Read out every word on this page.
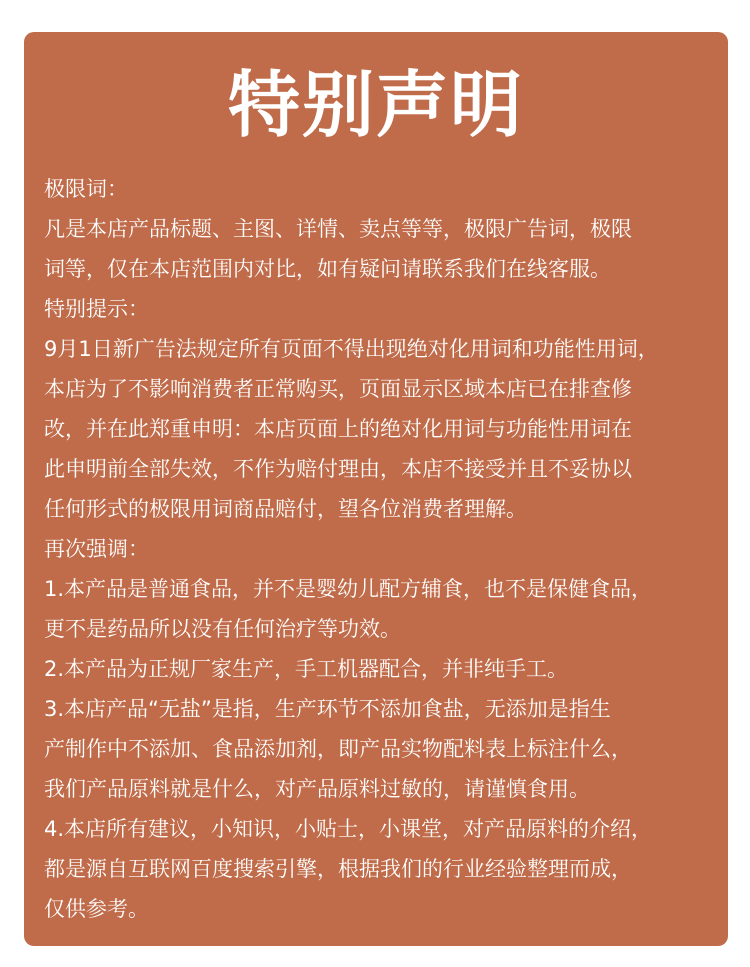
特别声明
极限词：
凡是本店产品标题、主图、详情、卖点等等，极限广告词，极限
词等，仅在本店范围内对比，如有疑问请联系我们在线客服。
特别提示：
9月1日新广告法规定所有页面不得出现绝对化用词和功能性用词，
本店为了不影响消费者正常购买，页面显示区域本店已在排查修
改，并在此郑重申明：本店页面上的绝对化用词与功能性用词在
此申明前全部失效，不作为赔付理由，本店不接受并且不妥协以
任何形式的极限用词商品赔付，望各位消费者理解。
再次强调：
1.本产品是普通食品，并不是婴幼儿配方辅食，也不是保健食品，
更不是药品所以没有任何治疗等功效。
2.本产品为正规厂家生产，手工机器配合，并非纯手工。
3.本店产品“无盐”是指，生产环节不添加食盐，无添加是指生
产制作中不添加、食品添加剂，即产品实物配料表上标注什么，
我们产品原料就是什么，对产品原料过敏的，请谨慎食用。
4.本店所有建议，小知识，小贴士，小课堂，对产品原料的介绍，
都是源自互联网百度搜索引擎，根据我们的行业经验整理而成，
仅供参考。
